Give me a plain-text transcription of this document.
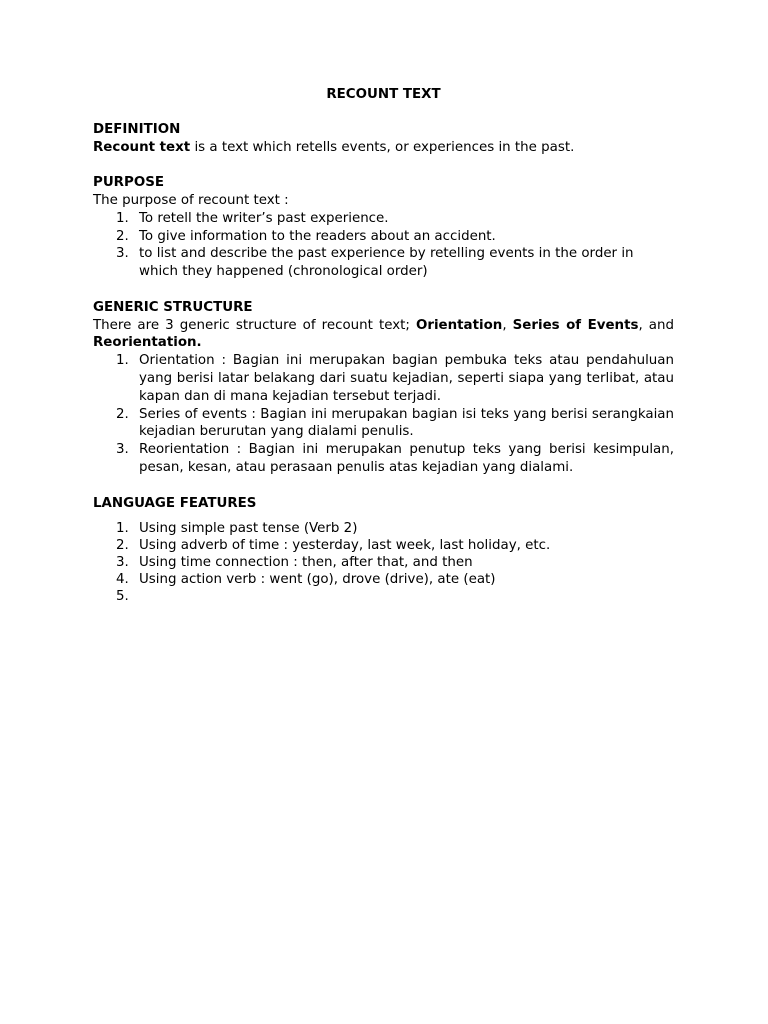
RECOUNT TEXT

DEFINITION

Recount text is a text which retells events, or experiences in the past.

PURPOSE

The purpose of recount text :

1. To retell the writer’s past experience.
2. To give information to the readers about an accident.
3. to list and describe the past experience by retelling events in the order in which they happened (chronological order)

GENERIC STRUCTURE

There are 3 generic structure of recount text; Orientation, Series of Events, and Reorientation.

1. Orientation : Bagian ini merupakan bagian pembuka teks atau pendahuluan yang berisi latar belakang dari suatu kejadian, seperti siapa yang terlibat, atau kapan dan di mana kejadian tersebut terjadi.
2. Series of events : Bagian ini merupakan bagian isi teks yang berisi serangkaian kejadian berurutan yang dialami penulis.
3. Reorientation : Bagian ini merupakan penutup teks yang berisi kesimpulan, pesan, kesan, atau perasaan penulis atas kejadian yang dialami.

LANGUAGE FEATURES

1. Using simple past tense (Verb 2)
2. Using adverb of time : yesterday, last week, last holiday, etc.
3. Using time connection : then, after that, and then
4. Using action verb : went (go), drove (drive), ate (eat)
5.
